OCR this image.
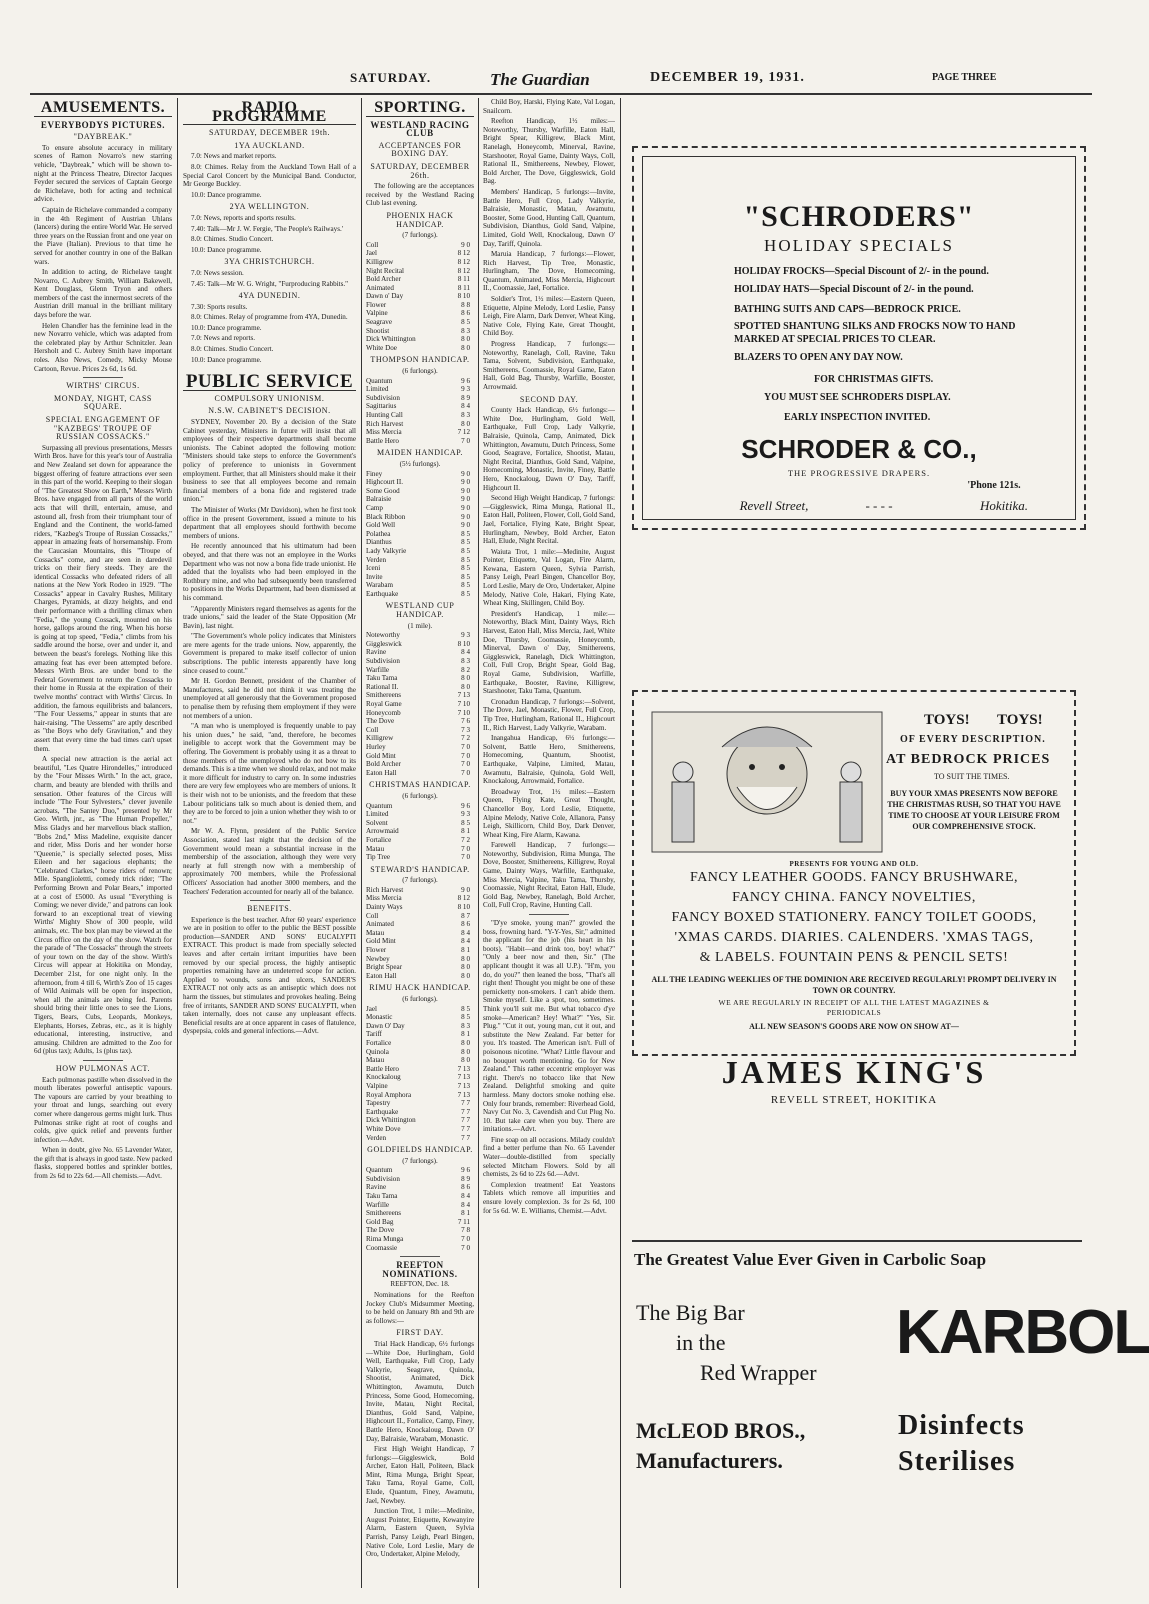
SATURDAY.	The Guardian	DECEMBER 19, 1931.	PAGE THREE
AMUSEMENTS.
EVERYBODYS PICTURES.
"DAYBREAK."

To ensure absolute accuracy in military scenes of Ramon Novarro's new starring vehicle, "Daybreak," which will be shown to-night at the Princess Theatre, Director Jacques Feyder secured the services of Captain George de Richelave, both for acting and technical advice.

Captain de Richelave commanded a company in the 4th Regiment of Austrian Uhlans (lancers) during the entire World War. He served three years on the Russian front and one year on the Piave (Italian). Previous to that time he served for another country in one of the Balkan wars.

In addition to acting, de Richelave taught Novarro, C. Aubrey Smith, William Bakewell, Kent Douglass, Glenn Tryon and others members of the cast the innermost secrets of the Austrian drill manual in the brilliant military days before the war.

Helen Chandler has the feminine lead in the new Novarro vehicle, which was adapted from the celebrated play by Arthur Schnitzler. Jean Hersholt and C. Aubrey Smith have important roles. Also News, Comedy, Micky Mouse Cartoon, Revue. Prices 2s 6d, 1s 6d.

WIRTHS' CIRCUS.
MONDAY, NIGHT, CASS SQUARE.
SPECIAL ENGAGEMENT OF "KAZBEGS' TROUPE OF RUSSIAN COSSACKS."

Surpassing all previous presentations, Messrs Wirth Bros. have for this year's tour of Australia and New Zealand set down for appearance the biggest offering of feature attractions ever seen in this part of the world. Keeping to their slogan of "The Greatest Show on Earth," Messrs Wirth Bros. have engaged from all parts of the world acts that will thrill, entertain, amuse, and astound all, fresh from their triumphant tour of England and the Continent, the world-famed riders, "Kazbeg's Troupe of Russian Cossacks," appear in amazing feats of horsemanship. From the Caucasian Mountains, this "Troupe of Cossacks" come, and are seen in daredevil tricks on their fiery steeds. They are the identical Cossacks who defeated riders of all nations at the New York Rodeo in 1929. "The Cossacks" appear in Cavalry Rushes, Military Charges, Pyramids, at dizzy heights, and end their performance with a thrilling climax when "Fedia," the young Cossack, mounted on his horse, gallops around the ring. When his horse is going at top speed, "Fedia," climbs from his saddle around the horse, over and under it, and between the beast's forelegs. Nothing like this amazing feat has ever been attempted before. Messrs Wirth Bros. are under bond to the Federal Government to return the Cossacks to their home in Russia at the expiration of their twelve months' contract with Wirths' Circus. In addition, the famous equilibrists and balancers, "The Four Uessems," appear in stunts that are hair-raising. "The Uessems" are aptly described as "the Boys who defy Gravitation," and they assert that every time the bad times can't upset them.

A special new attraction is the aerial act beautiful, "Les Quatre Hirondelles," introduced by the "Four Misses Wirth." In the act, grace, charm, and beauty are blended with thrills and sensation. Other features of the Circus will include "The Four Sylvesters," clever juvenile acrobats, "The Santey Duo," presented by Mr Geo. Wirth, jnr., as "The Human Propeller," Miss Gladys and her marvellous black stallion, "Bobs 2nd," Miss Madeline, exquisite dancer and rider, Miss Doris and her wonder horse "Queenie," is specially selected poses, Miss Eileen and her sagacious elephants; the "Celebrated Clarkes," horse riders of renown; Mlle. Spangliolettti, comedy trick rider; "The Performing Brown and Polar Bears," imported at a cost of £5000. As usual "Everything is Coming; we never divide," and patrons can look forward to an exceptional treat of viewing Wirths' Mighty Show of 300 people, wild animals, etc. The box plan may be viewed at the Circus office on the day of the show. Watch for the parade of "The Cossacks" through the streets of your town on the day of the show. Wirth's Circus will appear at Hokitika on Monday, December 21st, for one night only. In the afternoon, from 4 till 6, Wirth's Zoo of 15 cages of Wild Animals will be open for inspection, when all the animals are being fed. Parents should bring their little ones to see the Lions, Tigers, Bears, Cubs, Leopards, Monkeys, Elephants, Horses, Zebras, etc., as it is highly educational, interesting, instructive, and amusing. Children are admitted to the Zoo for 6d (plus tax); Adults, 1s (plus tax).

HOW PULMONAS ACT.

Each pulmonas pastille when dissolved in the mouth liberates powerful antiseptic vapours. The vapours are carried by your breathing to your throat and lungs, searching out every corner where dangerous germs might lurk. Thus Pulmonas strike right at root of coughs and colds, give quick relief and prevents further infection.—Advt.

When in doubt, give No. 65 Lavender Water, the gift that is always in good taste. New packed flasks, stoppered bottles and sprinkler bottles, from 2s 6d to 22s 6d.—All chemists.—Advt.

RADIO PROGRAMME
SATURDAY, DECEMBER 19th.
1YA AUCKLAND.

7.0: News and market reports.

8.0: Chimes. Relay from the Auckland Town Hall of a Special Carol Concert by the Municipal Band. Conductor, Mr George Buckley.

10.0: Dance programme.

2YA WELLINGTON.

7.0: News, reports and sports results.

7.40: Talk—Mr J. W. Fergie, 'The People's Railways.'

8.0: Chimes. Studio Concert.

10.0: Dance programme.

3YA CHRISTCHURCH.

7.0: News session.

7.45: Talk—Mr W. G. Wright, "Furproducing Rabbits."

4YA DUNEDIN.

7.30: Sports results.

8.0: Chimes. Relay of programme from 4YA, Dunedin.

10.0: Dance programme.

7.0: News and reports.

8.0: Chimes. Studio Concert.

10.0: Dance programme.

PUBLIC SERVICE
COMPULSORY UNIONISM.
N.S.W. CABINET'S DECISION.

SYDNEY, November 20. By a decision of the State Cabinet yesterday, Ministers in future will insist that all employees of their respective departments shall become unionists. The Cabinet adopted the following motion: "Ministers should take steps to enforce the Government's policy of preference to unionists in Government employment. Further, that all Ministers should make it their business to see that all employees become and remain financial members of a bona fide and registered trade union."

The Minister of Works (Mr Davidson), when he first took office in the present Government, issued a minute to his department that all employees should forthwith become members of unions.

He recently announced that his ultimatum had been obeyed, and that there was not an employee in the Works Department who was not now a bona fide trade unionist. He added that the loyalists who had been employed in the Rothbury mine, and who had subsequently been transferred to positions in the Works Department, had been dismissed at his command.

"Apparently Ministers regard themselves as agents for the trade unions," said the leader of the State Opposition (Mr Bavin), last night.

"The Government's whole policy indicates that Ministers are mere agents for the trade unions. Now, apparently, the Government is prepared to make itself collector of union subscriptions. The public interests apparently have long since ceased to count."

Mr H. Gordon Bennett, president of the Chamber of Manufactures, said he did not think it was treating the unemployed at all generously that the Government proposed to penalise them by refusing them employment if they were not members of a union.

"A man who is unemployed is frequently unable to pay his union dues," he said, "and, therefore, he becomes ineligible to accept work that the Government may be offering. The Government is probably using it as a threat to those members of the unemployed who do not bow to its demands. This is a time when we should relax, and not make it more difficult for industry to carry on. In some industries there are very few employees who are members of unions. It is their wish not to be unionists, and the freedom that these Labour politicians talk so much about is denied them, and they are to be forced to join a union whether they wish to or not."

Mr W. A. Flynn, president of the Public Service Association, stated last night that the decision of the Government would mean a substantial increase in the membership of the association, although they were very nearly at full strength now with a membership of approximately 700 members, while the Professional Officers' Association had another 3000 members, and the Teachers' Federation accounted for nearly all of the balance.

BENEFITS.

Experience is the best teacher. After 60 years' experience we are in position to offer to the public the BEST possible production—SANDER AND SONS' EUCALYPTI EXTRACT. This product is made from specially selected leaves and after certain irritant impurities have been removed by our special process, the highly antiseptic properties remaining have an undeterred scope for action. Applied to wounds, sores and ulcers, SANDER'S EXTRACT not only acts as an antiseptic which does not harm the tissues, but stimulates and provokes healing. Being free of irritants, SANDER AND SONS' EUCALYPTI, when taken internally, does not cause any unpleasant effects. Beneficial results are at once apparent in cases of flatulence, dyspepsia, colds and general infections.—Advt.

SPORTING.
WESTLAND RACING CLUB
ACCEPTANCES FOR BOXING DAY.
SATURDAY, DECEMBER 26th.

The following are the acceptances received by the Westland Racing Club last evening.

PHOENIX HACK HANDICAP.
(7 furlongs).
Coll	9 0
Jael	8 12
Killigrew	8 12
Night Recital	8 12
Bold Archer	8 11
Animated	8 11
Dawn o' Day	8 10
Flower	8 8
Valpine	8 6
Seagrave	8 5
Shootist	8 3
Dick Whittington	8 0
White Doe	8 0
THOMPSON HANDICAP.
(6 furlongs).
Quantum	9 6
Limited	9 3
Subdivision	8 9
Sagittarius	8 4
Hunting Call	8 3
Rich Harvest	8 0
Miss Mercia	7 12
Battle Hero	7 0
MAIDEN HANDICAP.
(5½ furlongs).
Finey	9 0
Highcourt II.	9 0
Some Good	9 0
Balraisie	9 0
Camp	9 0
Black Ribbon	9 0
Gold Well	9 0
Polathea	8 5
Dianthus	8 5
Lady Valkyrie	8 5
Verden	8 5
Iceni	8 5
Invite	8 5
Warabam	8 5
Earthquake	8 5
WESTLAND CUP HANDICAP.
(1 mile).
Noteworthy	9 3
Giggleswick	8 10
Ravine	8 4
Subdivision	8 3
Warfille	8 2
Taku Tama	8 0
Rational II.	8 0
Smithereens	7 13
Royal Game	7 10
Honeycomb	7 10
The Dove	7 6
Coll	7 3
Killigrew	7 2
Hurley	7 0
Gold Mint	7 0
Bold Archer	7 0
Eaton Hall	7 0
CHRISTMAS HANDICAP.
(6 furlongs).
Quantum	9 6
Limited	9 3
Solvent	8 5
Arrowmaid	8 1
Fortalice	7 2
Matau	7 0
Tip Tree	7 0
STEWARD'S HANDICAP.
(7 furlongs).
Rich Harvest	9 0
Miss Mercia	8 12
Dainty Ways	8 10
Coll	8 7
Animated	8 6
Matau	8 4
Gold Mint	8 4
Flower	8 1
Newbey	8 0
Bright Spear	8 0
Eaton Hall	8 0
RIMU HACK HANDICAP.
(6 furlongs).
Jael	8 5
Monastic	8 5
Dawn O' Day	8 3
Tariff	8 1
Fortalice	8 0
Quinola	8 0
Matau	8 0
Battle Hero	7 13
Knockaloug	7 13
Valpine	7 13
Royal Amphora	7 13
Tapestry	7 7
Earthquake	7 7
Dick Whittington	7 7
White Dove	7 7
Verden	7 7
GOLDFIELDS HANDICAP.
(7 furlongs).
Quantum	9 6
Subdivision	8 9
Ravine	8 6
Taku Tama	8 4
Warfille	8 4
Smithereens	8 1
Gold Bag	7 11
The Dove	7 8
Rima Munga	7 0
Coomassie	7 0
REEFTON NOMINATIONS.

REEFTON, Dec. 18.

Nominations for the Reefton Jockey Club's Midsummer Meeting, to be held on January 8th and 9th are as follows:—

FIRST DAY.

Trial Hack Handicap, 6½ furlongs—White Doe, Hurlingham, Gold Well, Earthquake, Full Crop, Lady Valkyrie, Seagrave, Quinola, Shootist, Animated, Dick Whittington, Awamutu, Dutch Princess, Some Good, Homecoming, Invite, Matau, Night Recital, Dianthus, Gold Sand, Valpine, Highcourt II., Fortalice, Camp, Finey, Battle Hero, Knockaloug, Dawn O' Day, Balraisie, Warabam, Monastic.

First High Weight Handicap, 7 furlongs:—Giggleswick, Bold Archer, Eaton Hall, Politeen, Black Mint, Rima Munga, Bright Spear, Taku Tama, Royal Game, Coll, Elude, Quantum, Finey, Awamutu, Jael, Newbey.

Junction Trot, 1 mile:—Medinite, August Pointer, Etiquette, Kewanyire Alarm, Eastern Queen, Sylvia Parrish, Pansy Leigh, Pearl Bingen, Native Cole, Lord Leslie, Mary de Oro, Undertaker, Alpine Melody,

Child Boy, Harski, Flying Kate, Val Logan, Snailcorn.

Reefton Handicap, 1½ miles:—Noteworthy, Thursby, Warfille, Eaton Hall, Bright Spear, Killigrew, Black Mint, Ranelagh, Honeycomb, Minerval, Ravine, Starshooter, Royal Game, Dainty Ways, Coll, Rational II., Smithereens, Newbey, Flower, Bold Archer, The Dove, Giggleswick, Gold Bag.

Members' Handicap, 5 furlongs:—Invite, Battle Hero, Full Crop, Lady Valkyrie, Balraisie, Monastic, Matau, Awamutu, Booster, Some Good, Hunting Call, Quantum, Subdivision, Dianthus, Gold Sand, Valpine, Limited, Gold Well, Knockaloug, Dawn O' Day, Tariff, Quinola.

Maruia Handicap, 7 furlongs:—Flower, Rich Harvest, Tip Tree, Monastic, Hurlingham, The Dove, Homecoming, Quantum, Animated, Miss Mercia, Highcourt II., Coomassie, Jael, Fortalice.

Soldier's Trot, 1½ miles:—Eastern Queen, Etiquette, Alpine Melody, Lord Leslie, Pansy Leigh, Fire Alarm, Dark Denver, Wheat King, Native Cole, Flying Kate, Great Thought, Child Boy.

Progress Handicap, 7 furlongs:—Noteworthy, Ranelagh, Coll, Ravine, Taku Tama, Solvent, Subdivision, Earthquake, Smithereens, Coomassie, Royal Game, Eaton Hall, Gold Bag, Thursby, Warfille, Booster, Arrowmaid.

SECOND DAY.

County Hack Handicap, 6½ furlongs:—White Doe, Hurlingham, Gold Well, Earthquake, Full Crop, Lady Valkyrie, Balraisie, Quinola, Camp, Animated, Dick Whittington, Awamutu, Dutch Princess, Some Good, Seagrave, Fortalice, Shootist, Matau, Night Recital, Dianthus, Gold Sand, Valpine, Homecoming, Monastic, Invite, Finey, Battle Hero, Knockaloug, Dawn O' Day, Tariff, Highcourt II.

Second High Weight Handicap, 7 furlongs:—Giggleswick, Rima Munga, Rational II., Eaton Hall, Politeen, Flower, Coll, Gold Sand, Jael, Fortalice, Flying Kate, Bright Spear, Hurlingham, Newbey, Bold Archer, Eaton Hall, Elude, Night Recital.

Waiuta Trot, 1 mile:—Medinite, August Pointer, Etiquette, Val Logan, Fire Alarm, Kewana, Eastern Queen, Sylvia Parrish, Pansy Leigh, Pearl Bingen, Chancellor Boy, Lord Leslie, Mary de Oro, Undertaker, Alpine Melody, Native Cole, Hakari, Flying Kate, Wheat King, Skillingen, Child Boy.

President's Handicap, 1 mile:—Noteworthy, Black Mint, Dainty Ways, Rich Harvest, Eaton Hall, Miss Mercia, Jael, White Doe, Thursby, Coomassie, Honeycomb, Minerval, Dawn o' Day, Smithereens, Giggleswick, Ranelagh, Dick Whittington, Coll, Full Crop, Bright Spear, Gold Bag, Royal Game, Subdivision, Warfille, Earthquake, Booster, Ravine, Killigrew, Starshooter, Taku Tama, Quantum.

Cronadun Handicap, 7 furlongs:—Solvent, The Dove, Jael, Monastic, Flower, Full Crop, Tip Tree, Hurlingham, Rational II., Highcourt II., Rich Harvest, Lady Valkyrie, Warabam.

Inangahua Handicap, 6½ furlongs:—Solvent, Battle Hero, Smithereens, Homecoming, Quantum, Shootist, Earthquake, Valpine, Limited, Matau, Awamutu, Balraisie, Quinola, Gold Well, Knockaloug, Arrowmaid, Fortalice.

Broadway Trot, 1½ miles:—Eastern Queen, Flying Kate, Great Thought, Chancellor Boy, Lord Leslie, Etiquette, Alpine Melody, Native Cole, Allanora, Pansy Leigh, Skillicorn, Child Boy, Dark Denver, Wheat King, Fire Alarm, Kawana.

Farewell Handicap, 7 furlongs:—Noteworthy, Subdivision, Rima Munga, The Dove, Booster, Smithereens, Killigrew, Royal Game, Dainty Ways, Warfille, Earthquake, Miss Mercia, Valpine, Taku Tama, Thursby, Coomassie, Night Recital, Eaton Hall, Elude, Gold Bag, Newbey, Ranelagh, Bold Archer, Coll, Full Crop, Ravine, Hunting Call.

"D'ye smoke, young man?" growled the boss, frowning hard. "Y-Y-Yes, Sir," admitted the applicant for the job (his heart in his boots). "Habit—and drink too, boy! what?" "Only a beer now and then, Sir." (The applicant thought it was all U.P.). "H'm, you do, do you?" then leaned the boss, "That's all right then! Thought you might be one of these pernicketty non-smokers. I can't abide them. Smoke myself. Like a spot, too, sometimes. Think you'll suit me. But what tobacco d'ye smoke—American? Hey! What?" "Yes, Sir. Plug." "Cut it out, young man, cut it out, and substitute the New Zealand. Far better for you. It's toasted. The American isn't. Full of poisonous nicotine. "What? Little flavour and no bouquet worth mentioning. Go for New Zealand." This rather eccentric employer was right. There's no tobacco like that New Zealand. Delightful smoking and quite harmless. Many doctors smoke nothing else. Only four brands, remember: Riverhead Gold, Navy Cut No. 3, Cavendish and Cut Plug No. 10. But take care when you buy. There are imitations.—Advt.

Fine soap on all occasions. Milady couldn't find a better perfume than No. 65 Lavender Water—double-distilled from specially selected Mitcham Flowers. Sold by all chemists, 2s 6d to 22s 6d.—Advt.

Complexion treatment! Eat Yeastons Tablets which remove all impurities and ensure lovely complexion. 3s for 2s 6d, 100 for 5s 6d. W. E. Williams, Chemist.—Advt.

"SCHRODERS"
HOLIDAY SPECIALS
HOLIDAY FROCKS—Special Discount of 2/- in the pound.
HOLIDAY HATS—Special Discount of 2/- in the pound.
BATHING SUITS AND CAPS—BEDROCK PRICE.
SPOTTED SHANTUNG SILKS AND FROCKS NOW TO HAND MARKED AT SPECIAL PRICES TO CLEAR.
BLAZERS TO OPEN ANY DAY NOW.
FOR CHRISTMAS GIFTS.
YOU MUST SEE SCHRODERS DISPLAY.
EARLY INSPECTION INVITED.
SCHRODER & CO.,
THE PROGRESSIVE DRAPERS.
'Phone 121s.
Revell Street,	- - - -	Hokitika.
TOYS! TOYS!
OF EVERY DESCRIPTION.
AT BEDROCK PRICES
TO SUIT THE TIMES.
BUY YOUR XMAS PRESENTS NOW BEFORE THE CHRISTMAS RUSH, SO THAT YOU HAVE TIME TO CHOOSE AT YOUR LEISURE FROM OUR COMPREHENSIVE STOCK.
PRESENTS FOR YOUNG AND OLD.
FANCY LEATHER GOODS. FANCY BRUSHWARE,
FANCY CHINA. FANCY NOVELTIES,
FANCY BOXED STATIONERY. FANCY TOILET GOODS,
'XMAS CARDS. DIARIES. CALENDERS. 'XMAS TAGS,
& LABELS. FOUNTAIN PENS & PENCIL SETS!
ALL THE LEADING WEEKLIES OF THE DOMINION ARE RECEIVED REGULARLY! PROMPT DELIVERY IN TOWN OR COUNTRY.
WE ARE REGULARLY IN RECEIPT OF ALL THE LATEST MAGAZINES & PERIODICALS
ALL NEW SEASON'S GOODS ARE NOW ON SHOW AT—
JAMES KING'S
REVELL STREET, HOKITIKA
The Greatest Value Ever Given in Carbolic Soap
The Big Bar
in the
Red Wrapper
KARBOL
McLEOD BROS.,
Manufacturers.
Disinfects
Sterilises
